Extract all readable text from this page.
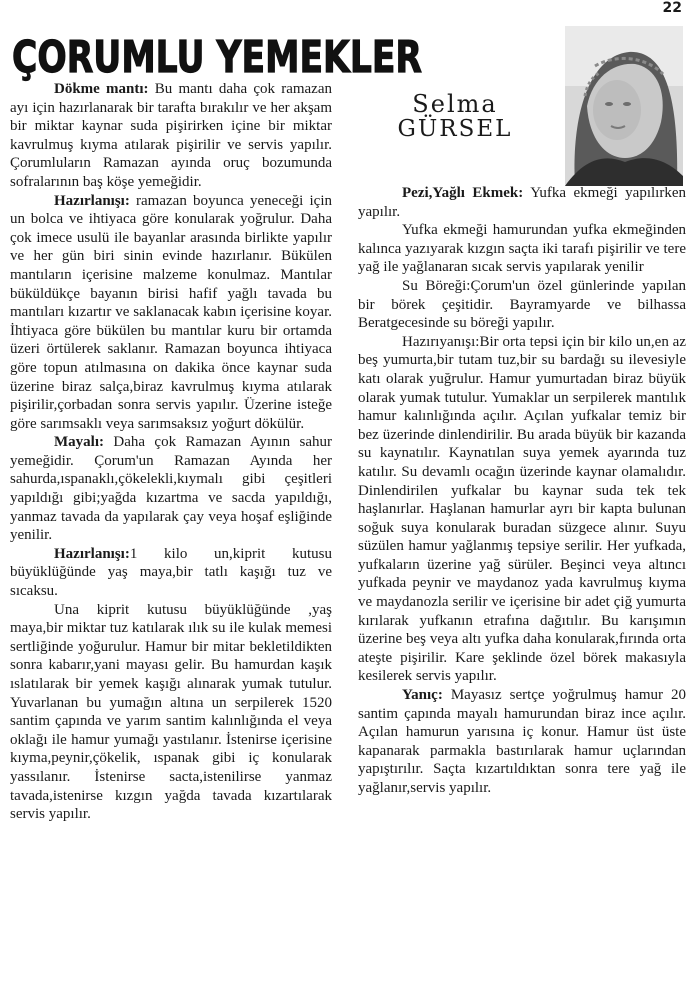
22
ÇORUMLU YEMEKLER
Selma
GÜRSEL

Dökme mantı: Bu mantı daha çok ramazan ayı için hazırlanarak bir tarafta bırakılır ve her akşam bir miktar kaynar suda pişirirken içine bir miktar kavrulmuş kıyma atılarak pişirilir ve servis yapılır. Çorumluların Ramazan ayında oruç bozumunda sofralarının baş köşe yemeğidir.

Hazırlanışı: ramazan boyunca yeneceği için un bolca ve ihtiyaca göre konularak yoğrulur. Daha çok imece usulü ile bayanlar arasında birlikte yapılır ve her gün biri sinin evinde hazırlanır. Bükülen mantıların içerisine malzeme konulmaz. Mantılar büküldükçe bayanın birisi hafif yağlı tavada bu mantıları kızartır ve saklanacak kabın içerisine koyar. İhtiyaca göre bükülen bu mantılar kuru bir ortamda üzeri örtülerek saklanır. Ramazan boyunca ihtiyaca göre topun atılmasına on dakika önce kaynar suda üzerine biraz salça,biraz kavrulmuş kıyma atılarak pişirilir,çorbadan sonra servis yapılır. Üzerine isteğe göre sarımsaklı veya sarımsaksız yoğurt dökülür.

Mayalı: Daha çok Ramazan Ayının sahur yemeğidir. Çorum'un Ramazan Ayında her sahurda,ıspanaklı,çökelekli,kıymalı gibi çeşitleri yapıldığı gibi;yağda kızartma ve sacda yapıldığı, yanmaz tavada da yapılarak çay veya hoşaf eşliğinde yenilir.

Hazırlanışı:1 kilo un,kiprit kutusu büyüklüğünde yaş maya,bir tatlı kaşığı tuz ve sıcaksu.

Una kiprit kutusu büyüklüğünde ,yaş maya,bir miktar tuz katılarak ılık su ile kulak memesi sertliğinde yoğurulur. Hamur bir mitar bekletildikten sonra kabarır,yani mayası gelir. Bu hamurdan kaşık ıslatılarak bir yemek kaşığı alınarak yumak tutulur. Yuvarlanan bu yumağın altına un serpilerek 1520 santim çapında ve yarım santim kalınlığında el veya oklağı ile hamur yumağı yastılanır. İstenirse içerisine kıyma,peynir,çökelik, ıspanak gibi iç konularak yassılanır. İstenirse sacta,istenilirse yanmaz tavada,istenirse kızgın yağda tavada kızartılarak servis yapılır.

Pezi,Yağlı Ekmek: Yufka ekmeği yapılırken yapılır.

Yufka ekmeği hamurundan yufka ekmeğinden kalınca yazıyarak kızgın saçta iki tarafı pişirilir ve tere yağ ile yağlanaran sıcak servis yapılarak yenilir

Su Böreği:Çorum'un özel günlerinde yapılan bir börek çeşitidir. Bayramyarde ve bilhassa Beratgecesinde su böreği yapılır.

Hazırıyanışı:Bir orta tepsi için bir kilo un,en az beş yumurta,bir tutam tuz,bir su bardağı su ilevesiyle katı olarak yuğrulur. Hamur yumurtadan biraz büyük olarak yumak tutulur. Yumaklar un serpilerek mantılık hamur kalınlığında açılır. Açılan yufkalar temiz bir bez üzerinde dinlendirilir. Bu arada büyük bir kazanda su kaynatılır. Kaynatılan suya yemek ayarında tuz katılır. Su devamlı ocağın üzerinde kaynar olamalıdır. Dinlendirilen yufkalar bu kaynar suda tek tek haşlanırlar. Haşlanan hamurlar ayrı bir kapta bulunan soğuk suya konularak buradan süzgece alınır. Suyu süzülen hamur yağlanmış tepsiye serilir. Her yufkada, yufkaların üzerine yağ sürüler. Beşinci veya altıncı yufkada peynir ve maydanoz yada kavrulmuş kıyma ve maydanozla serilir ve içerisine bir adet çiğ yumurta kırılarak yufkanın etrafına dağıtılır. Bu karışımın üzerine beş veya altı yufka daha konularak,fırında orta ateşte pişirilir. Kare şeklinde özel börek makasıyla kesilerek servis yapılır.

Yanıç: Mayasız sertçe yoğrulmuş hamur 20 santim çapında mayalı hamurundan biraz ince açılır. Açılan hamurun yarısına iç konur. Hamur üst üste kapanarak parmakla bastırılarak hamur uçlarından yapıştırılır. Saçta kızartıldıktan sonra tere yağ ile yağlanır,servis yapılır.
